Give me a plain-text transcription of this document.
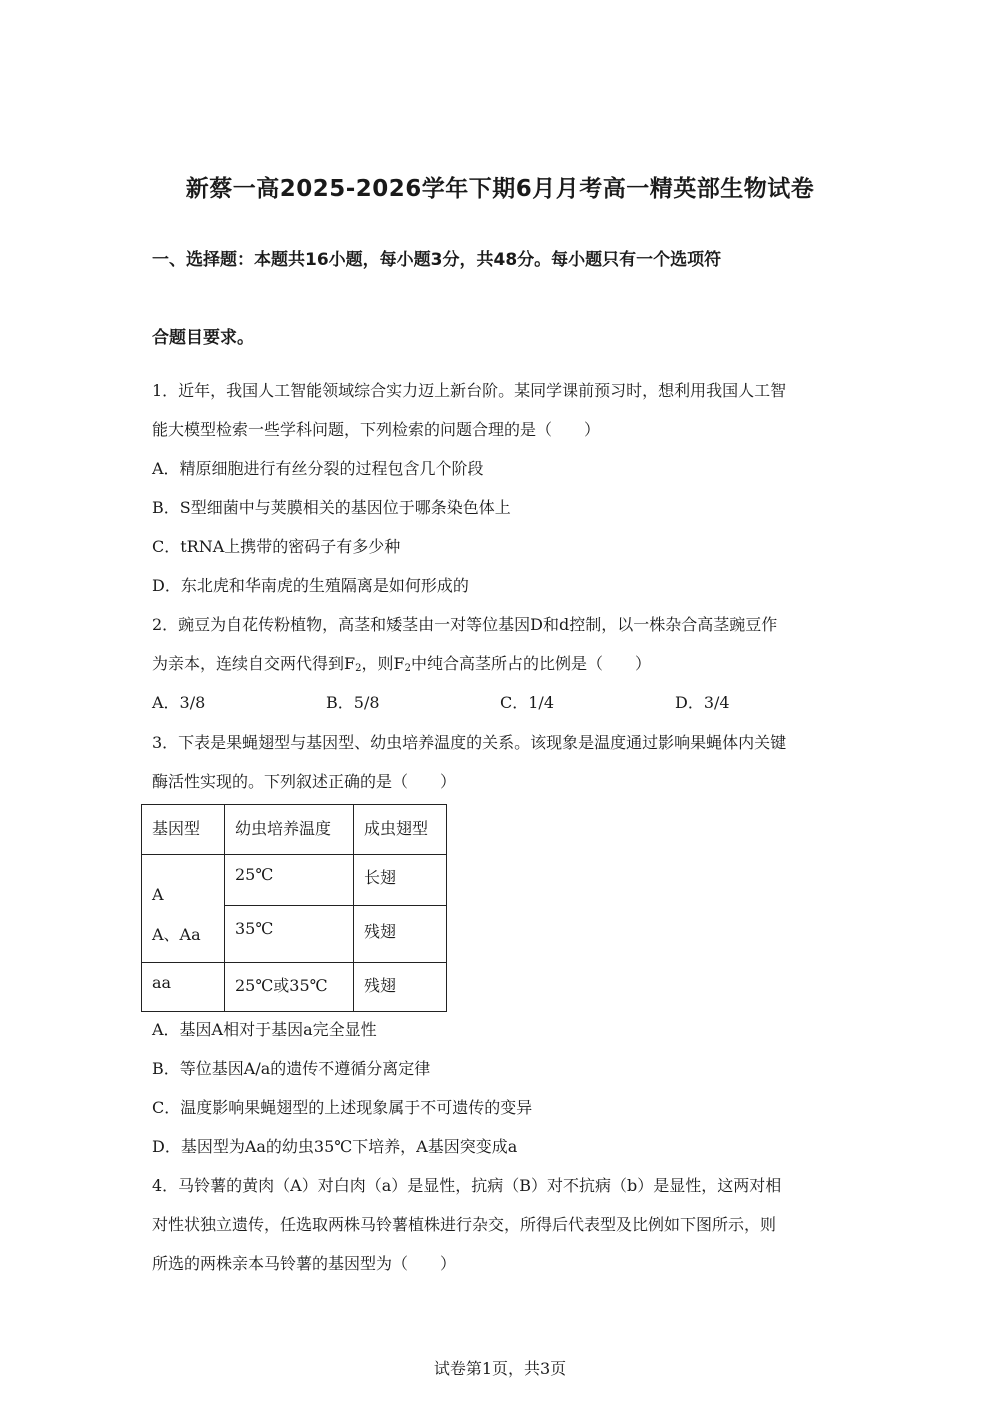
新蔡一高2025-2026学年下期6月月考高一精英部生物试卷
一、选择题：本题共16小题，每小题3分，共48分。每小题只有一个选项符
合题目要求。
1．近年，我国人工智能领域综合实力迈上新台阶。某同学课前预习时，想利用我国人工智
能大模型检索一些学科问题，下列检索的问题合理的是（　　）
A．精原细胞进行有丝分裂的过程包含几个阶段
B．S型细菌中与荚膜相关的基因位于哪条染色体上
C．tRNA上携带的密码子有多少种
D．东北虎和华南虎的生殖隔离是如何形成的
2．豌豆为自花传粉植物，高茎和矮茎由一对等位基因D和d控制，以一株杂合高茎豌豆作
为亲本，连续自交两代得到$F_2$，则$F_2$中纯合高茎所占的比例是（　　）
A．3/8	B．5/8	C．1/4	D．3/4
3．下表是果蝇翅型与基因型、幼虫培养温度的关系。该现象是温度通过影响果蝇体内关键
酶活性实现的。下列叙述正确的是（　　）
基因型	幼虫培养温度	成虫翅型

A
A、Aa	25℃	长翅
	35℃	残翅
aa	25℃或35℃	残翅
A．基因A相对于基因a完全显性
B．等位基因A/a的遗传不遵循分离定律
C．温度影响果蝇翅型的上述现象属于不可遗传的变异
D．基因型为Aa的幼虫35℃下培养，A基因突变成a
4．马铃薯的黄肉（A）对白肉（a）是显性，抗病（B）对不抗病（b）是显性，这两对相
对性状独立遗传，任选取两株马铃薯植株进行杂交，所得后代表型及比例如下图所示，则
所选的两株亲本马铃薯的基因型为（　　）
试卷第1页，共3页
